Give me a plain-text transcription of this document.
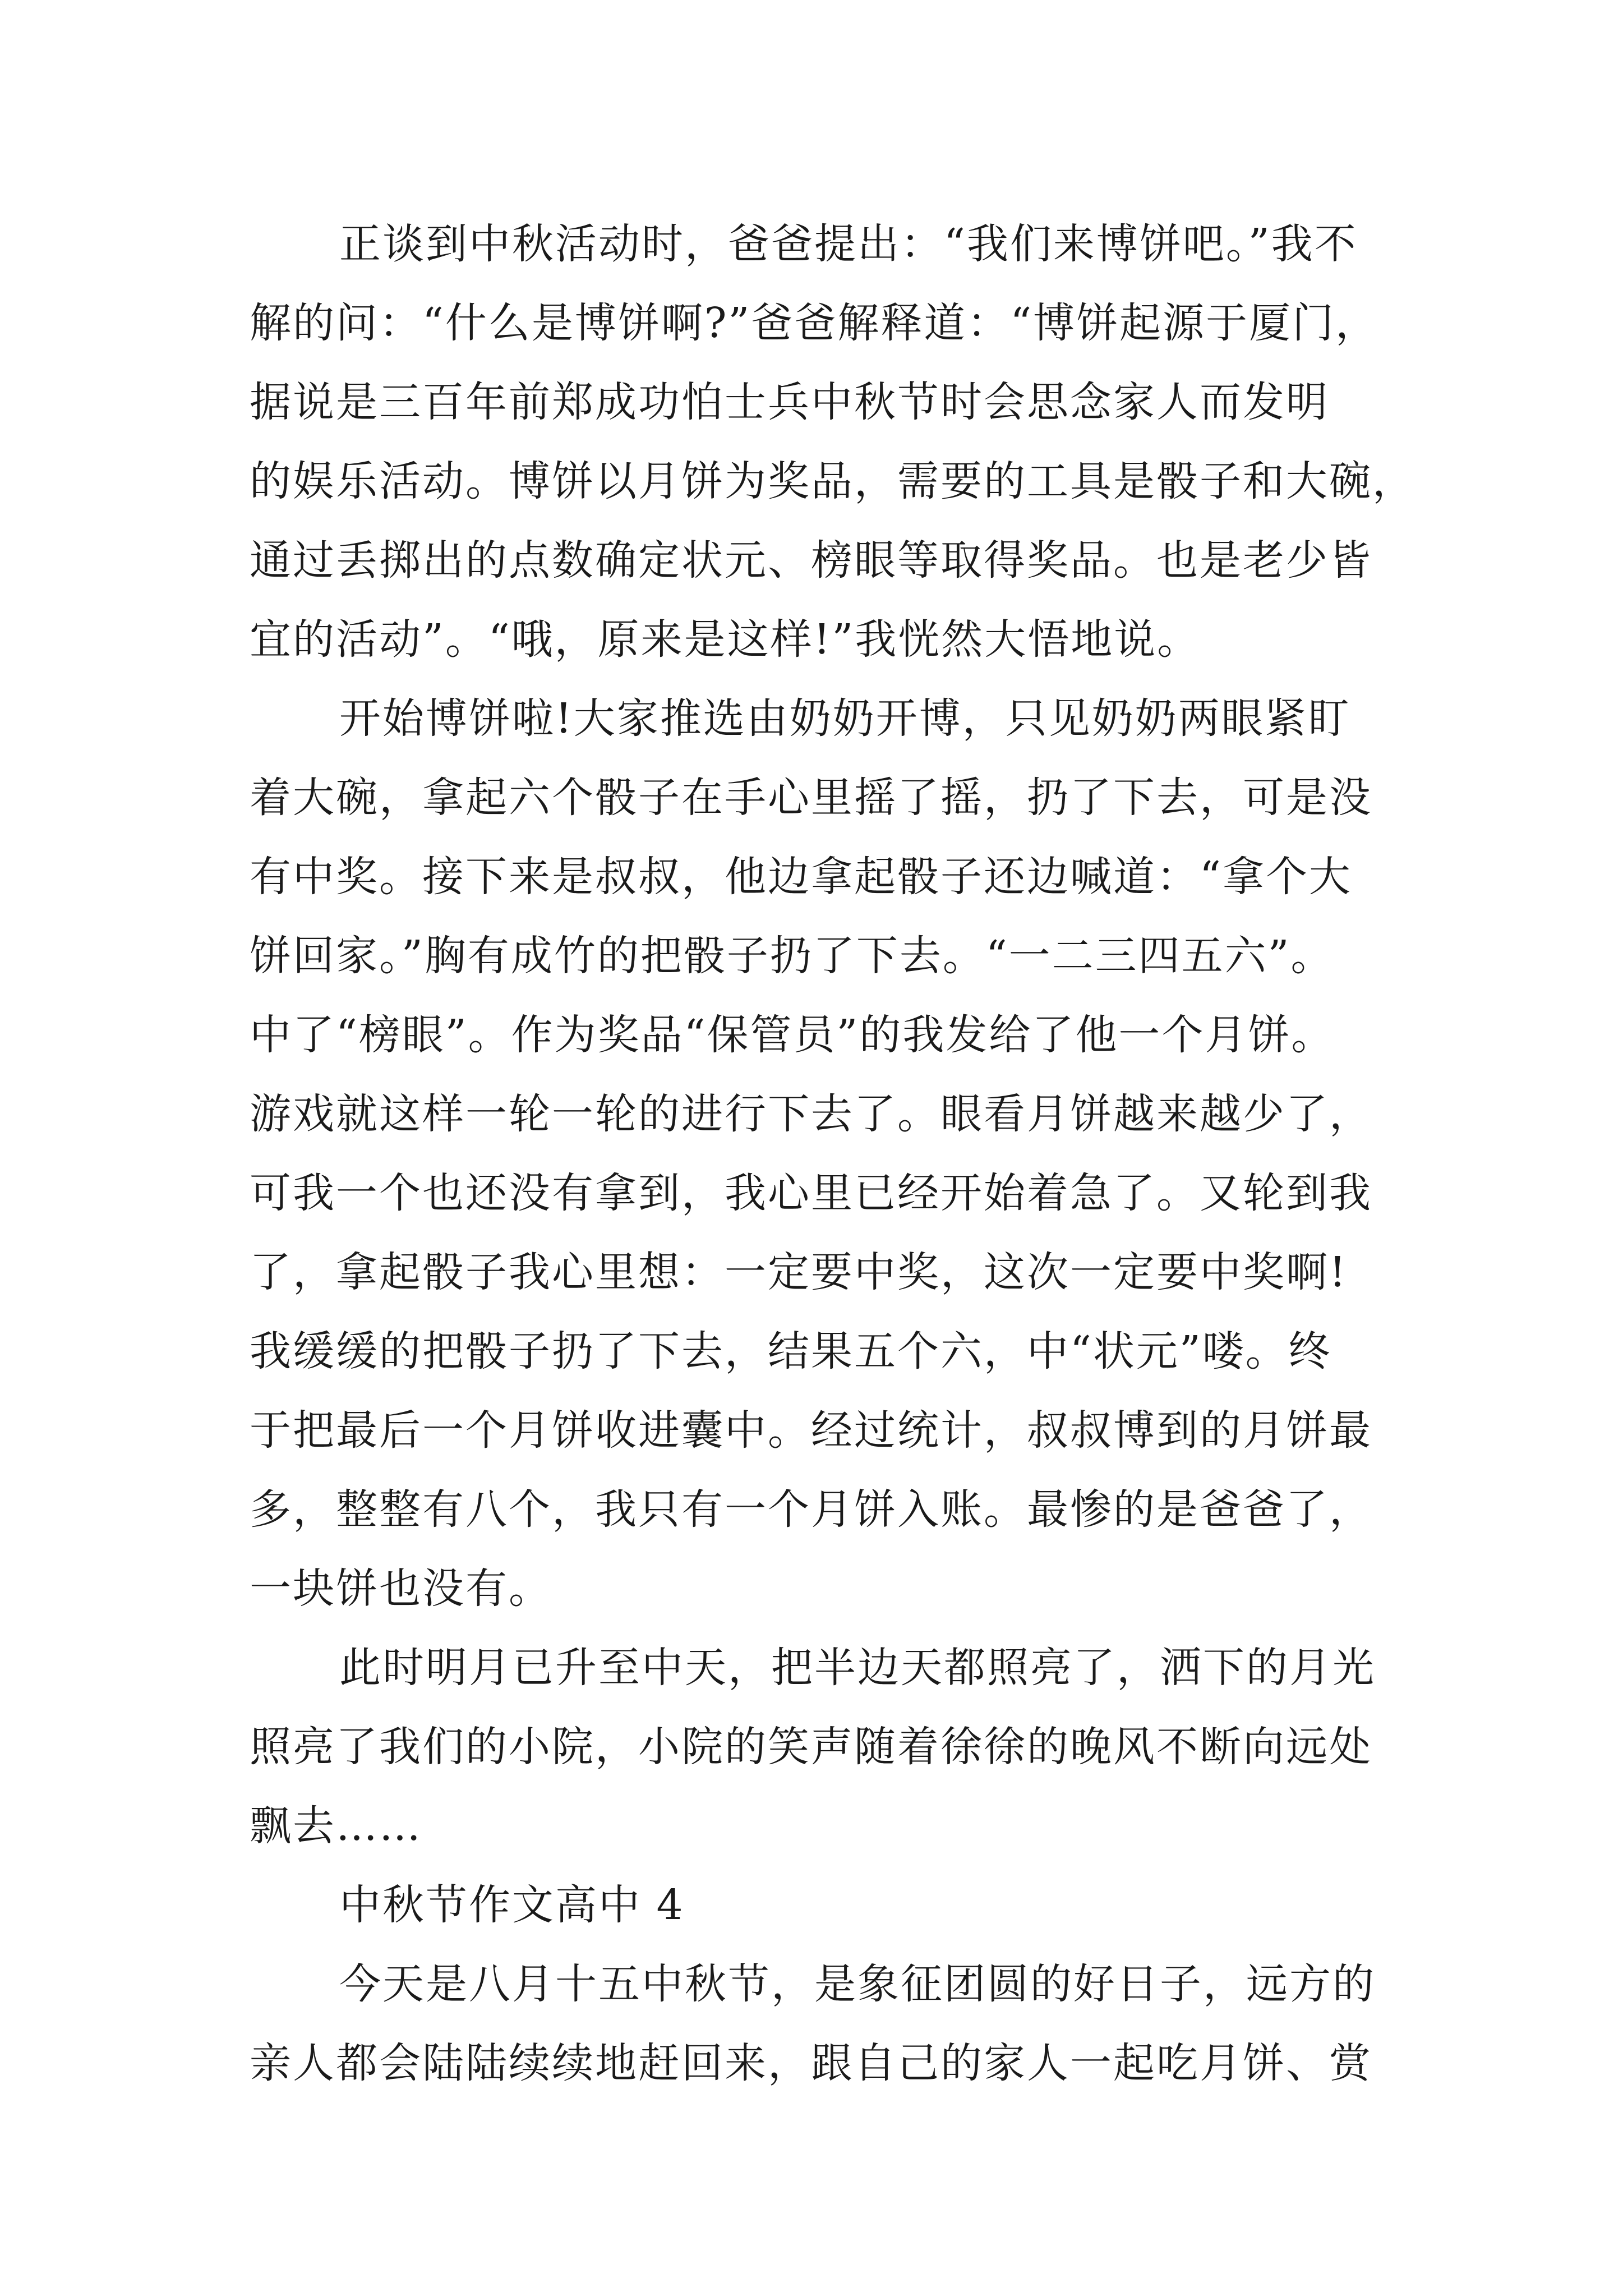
正谈到中秋活动时，爸爸提出：“我们来博饼吧。”我不
解的问：“什么是博饼啊?”爸爸解释道：“博饼起源于厦门，
据说是三百年前郑成功怕士兵中秋节时会思念家人而发明
的娱乐活动。博饼以月饼为奖品，需要的工具是骰子和大碗，
通过丢掷出的点数确定状元、榜眼等取得奖品。也是老少皆
宜的活动”。“哦，原来是这样!”我恍然大悟地说。
开始博饼啦!大家推选由奶奶开博，只见奶奶两眼紧盯
着大碗，拿起六个骰子在手心里摇了摇，扔了下去，可是没
有中奖。接下来是叔叔，他边拿起骰子还边喊道：“拿个大
饼回家。”胸有成竹的把骰子扔了下去。“一二三四五六”。
中了“榜眼”。作为奖品“保管员”的我发给了他一个月饼。
游戏就这样一轮一轮的进行下去了。眼看月饼越来越少了，
可我一个也还没有拿到，我心里已经开始着急了。又轮到我
了，拿起骰子我心里想：一定要中奖，这次一定要中奖啊!
我缓缓的把骰子扔了下去，结果五个六，中“状元”喽。终
于把最后一个月饼收进囊中。经过统计，叔叔博到的月饼最
多，整整有八个，我只有一个月饼入账。最惨的是爸爸了，
一块饼也没有。
此时明月已升至中天，把半边天都照亮了，洒下的月光
照亮了我们的小院，小院的笑声随着徐徐的晚风不断向远处
飘去……
中秋节作文高中 4
今天是八月十五中秋节，是象征团圆的好日子，远方的
亲人都会陆陆续续地赶回来，跟自己的家人一起吃月饼、赏
